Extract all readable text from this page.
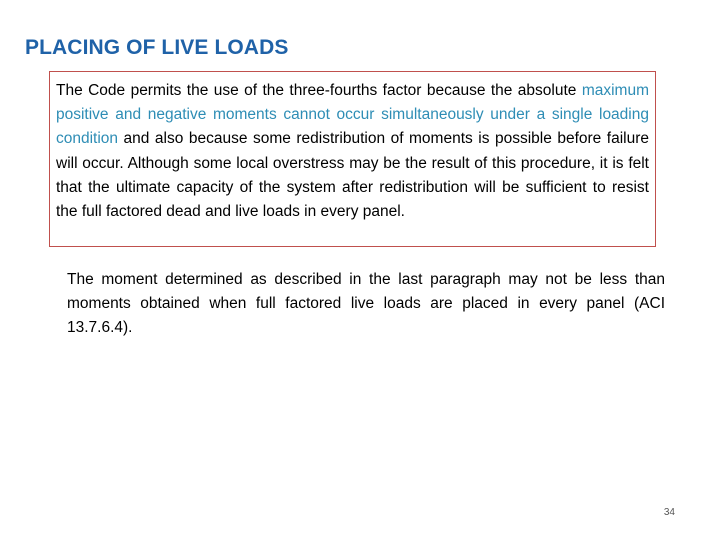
PLACING OF LIVE LOADS
The Code permits the use of the three-fourths factor because the absolute maximum positive and negative moments cannot occur simultaneously under a single loading condition and also because some redistribution of moments is possible before failure will occur. Although some local overstress may be the result of this procedure, it is felt that the ultimate capacity of the system after redistribution will be sufficient to resist the full factored dead and live loads in every panel.
The moment determined as described in the last paragraph may not be less than moments obtained when full factored live loads are placed in every panel (ACI 13.7.6.4).
34
